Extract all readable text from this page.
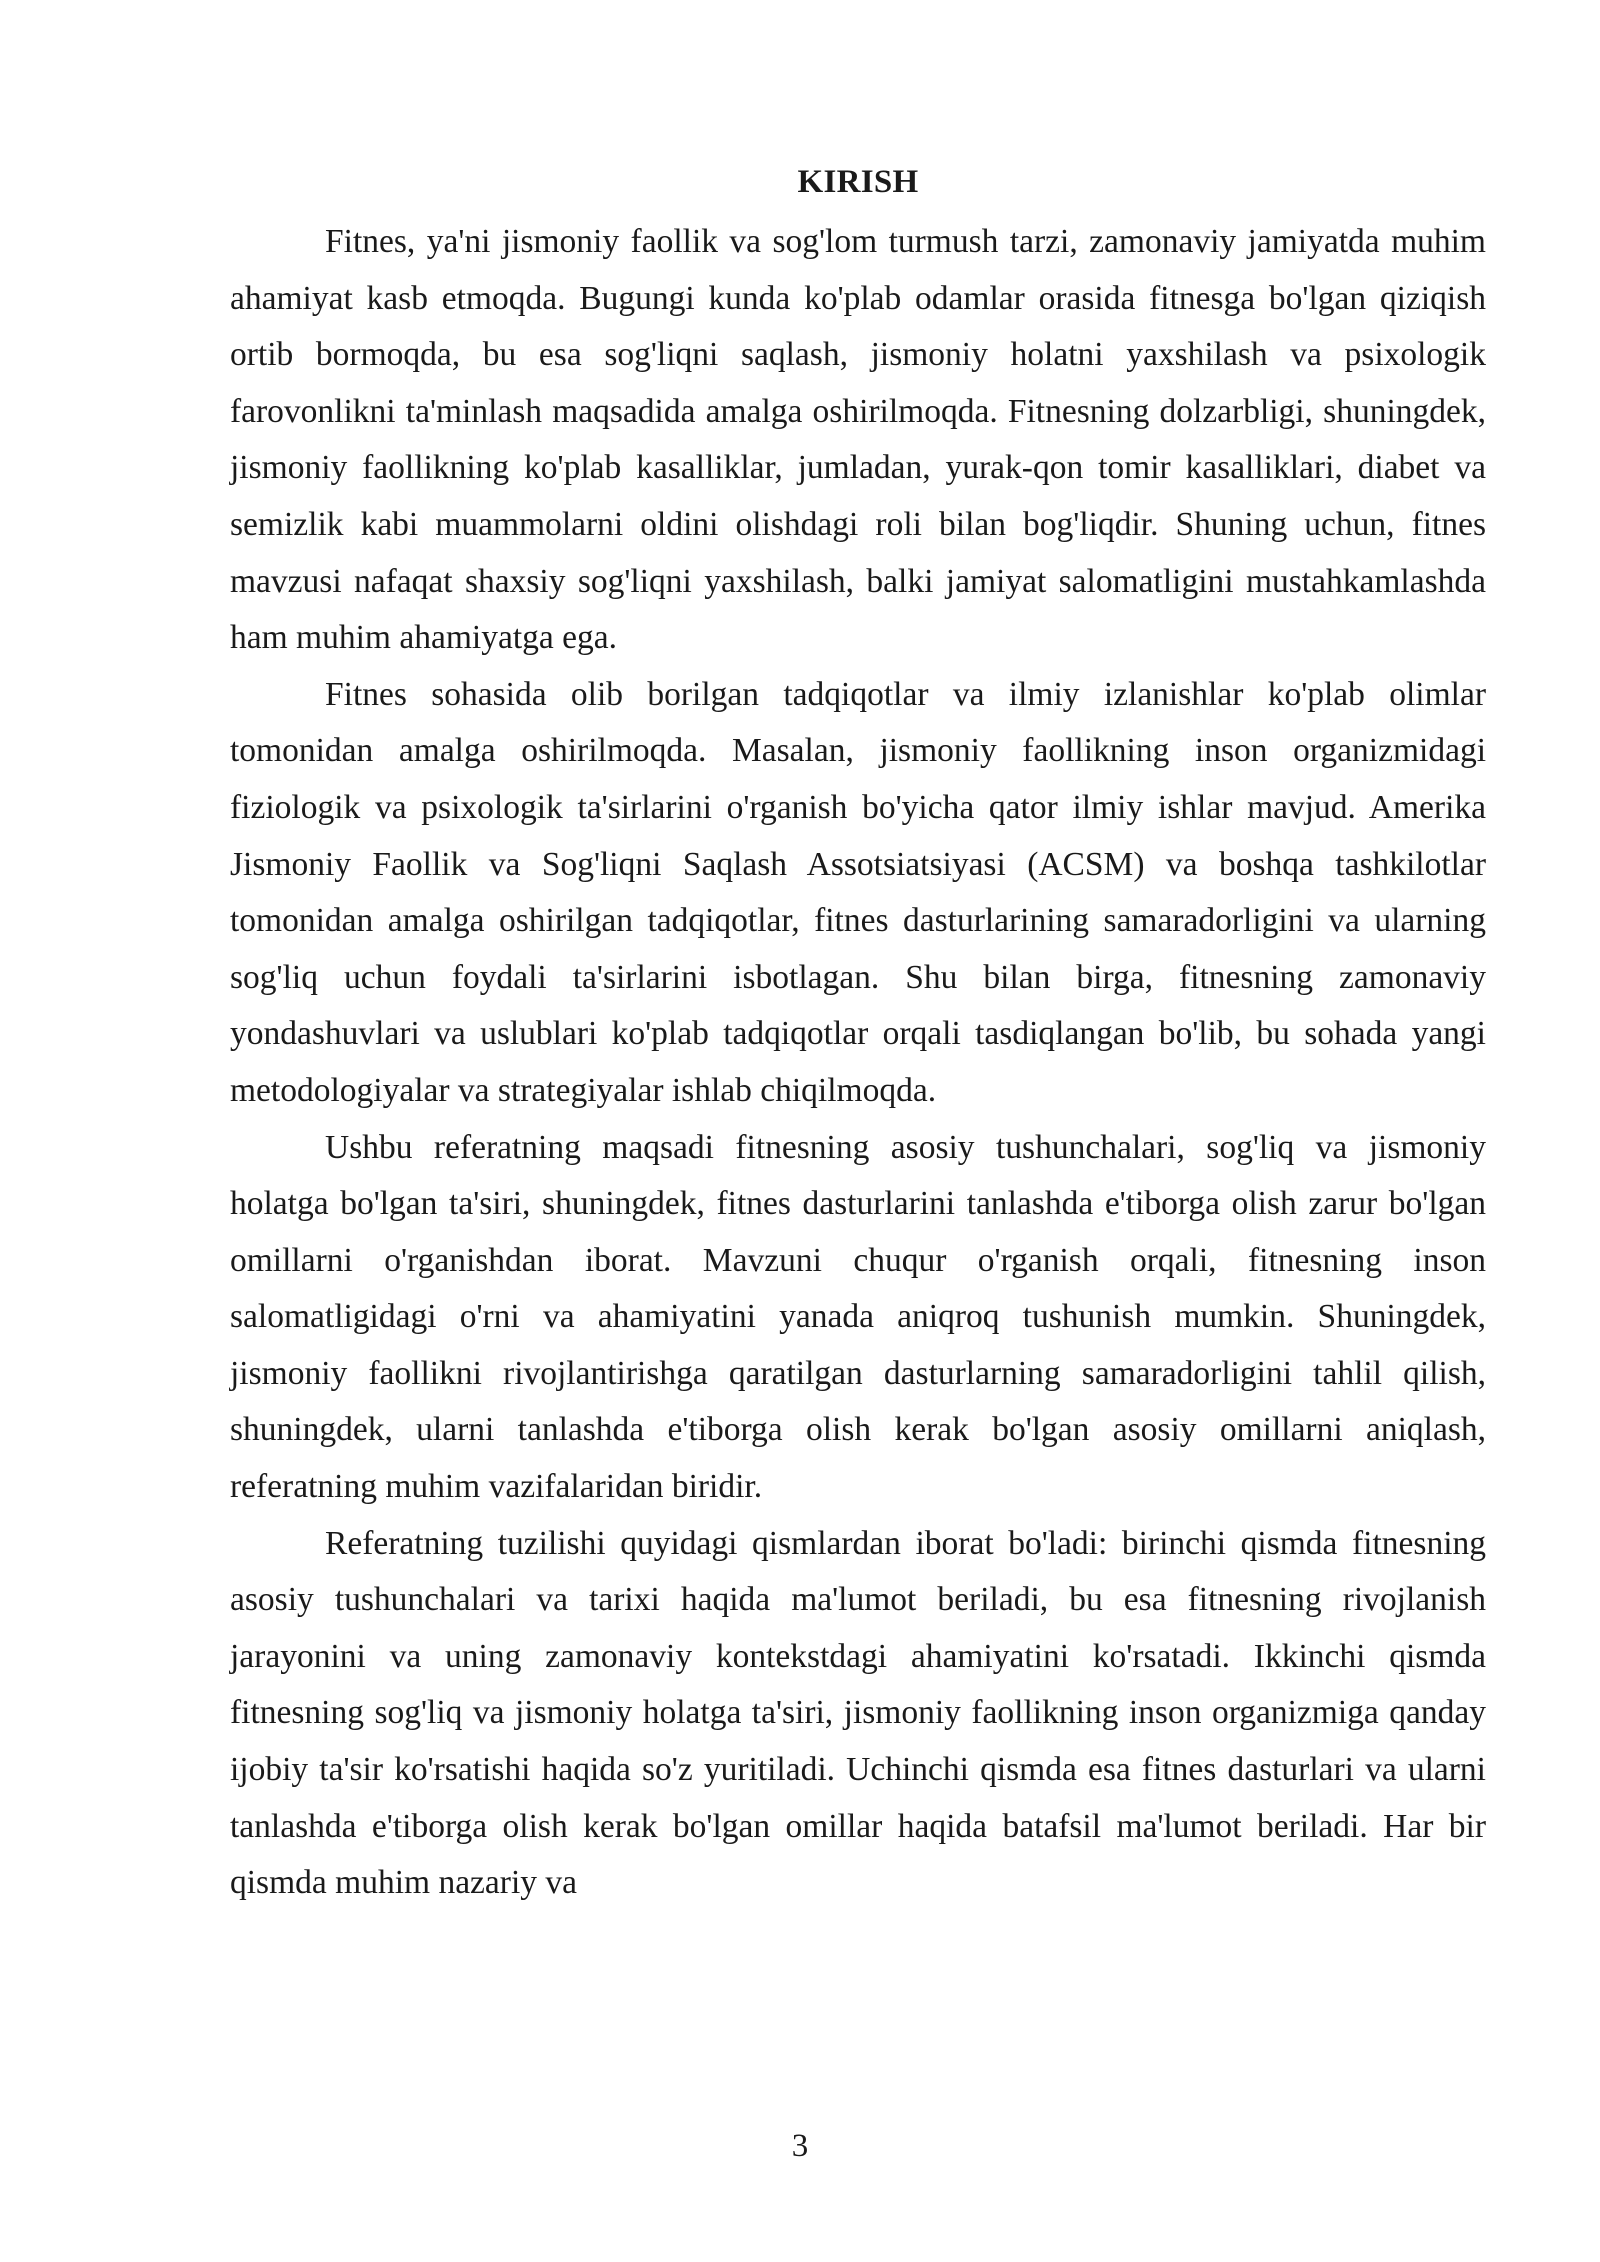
KIRISH

Fitnes, ya'ni jismoniy faollik va sog'lom turmush tarzi, zamonaviy jamiyatda muhim ahamiyat kasb etmoqda. Bugungi kunda ko'plab odamlar orasida fitnesga bo'lgan qiziqish ortib bormoqda, bu esa sog'liqni saqlash, jismoniy holatni yaxshilash va psixologik farovonlikni ta'minlash maqsadida amalga oshirilmoqda. Fitnesning dolzarbligi, shuningdek, jismoniy faollikning ko'plab kasalliklar, jumladan, yurak-qon tomir kasalliklari, diabet va semizlik kabi muammolarni oldini olishdagi roli bilan bog'liqdir. Shuning uchun, fitnes mavzusi nafaqat shaxsiy sog'liqni yaxshilash, balki jamiyat salomatligini mustahkamlashda ham muhim ahamiyatga ega.

Fitnes sohasida olib borilgan tadqiqotlar va ilmiy izlanishlar ko'plab olimlar tomonidan amalga oshirilmoqda. Masalan, jismoniy faollikning inson organizmidagi fiziologik va psixologik ta'sirlarini o'rganish bo'yicha qator ilmiy ishlar mavjud. Amerika Jismoniy Faollik va Sog'liqni Saqlash Assotsiatsiyasi (ACSM) va boshqa tashkilotlar tomonidan amalga oshirilgan tadqiqotlar, fitnes dasturlarining samaradorligini va ularning sog'liq uchun foydali ta'sirlarini isbotlagan. Shu bilan birga, fitnesning zamonaviy yondashuvlari va uslublari ko'plab tadqiqotlar orqali tasdiqlangan bo'lib, bu sohada yangi metodologiyalar va strategiyalar ishlab chiqilmoqda.

Ushbu referatning maqsadi fitnesning asosiy tushunchalari, sog'liq va jismoniy holatga bo'lgan ta'siri, shuningdek, fitnes dasturlarini tanlashda e'tiborga olish zarur bo'lgan omillarni o'rganishdan iborat. Mavzuni chuqur o'rganish orqali, fitnesning inson salomatligidagi o'rni va ahamiyatini yanada aniqroq tushunish mumkin. Shuningdek, jismoniy faollikni rivojlantirishga qaratilgan dasturlarning samaradorligini tahlil qilish, shuningdek, ularni tanlashda e'tiborga olish kerak bo'lgan asosiy omillarni aniqlash, referatning muhim vazifalaridan biridir.

Referatning tuzilishi quyidagi qismlardan iborat bo'ladi: birinchi qismda fitnesning asosiy tushunchalari va tarixi haqida ma'lumot beriladi, bu esa fitnesning rivojlanish jarayonini va uning zamonaviy kontekstdagi ahamiyatini ko'rsatadi. Ikkinchi qismda fitnesning sog'liq va jismoniy holatga ta'siri, jismoniy faollikning inson organizmiga qanday ijobiy ta'sir ko'rsatishi haqida so'z yuritiladi. Uchinchi qismda esa fitnes dasturlari va ularni tanlashda e'tiborga olish kerak bo'lgan omillar haqida batafsil ma'lumot beriladi. Har bir qismda muhim nazariy va

3
